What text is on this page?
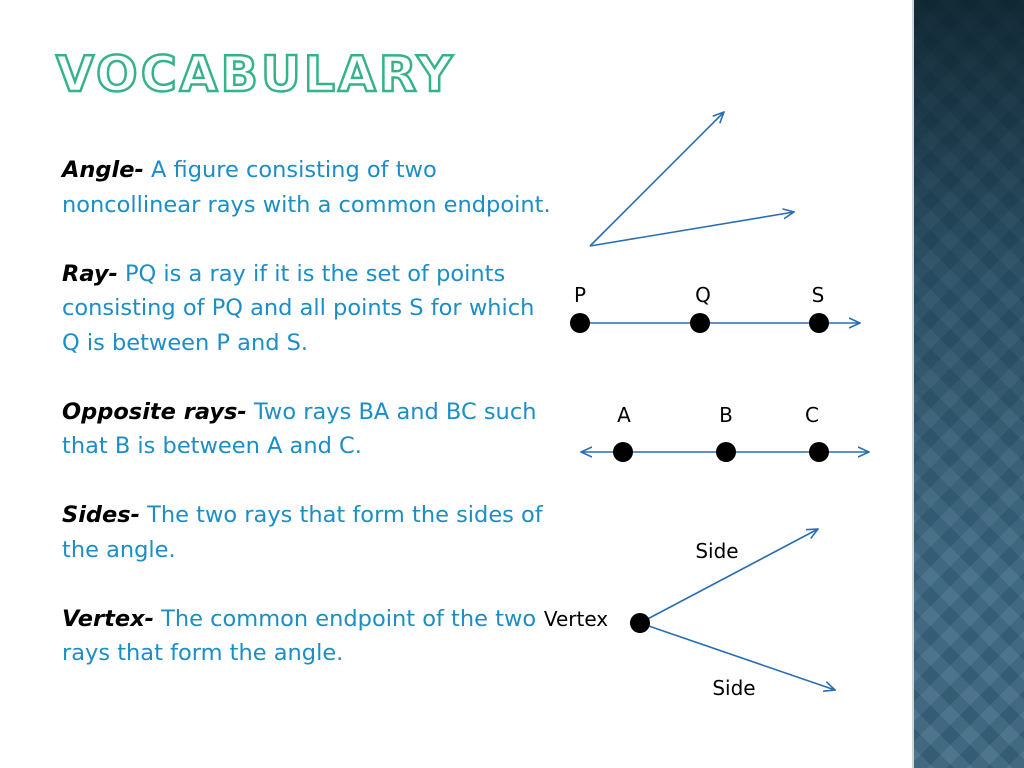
VOCABULARY

Angle- A figure consisting of two noncollinear rays with a common endpoint.

Ray- PQ is a ray if it is the set of points consisting of PQ and all points S for which Q is between P and S.

Opposite rays- Two rays BA and BC such that B is between A and C.

Sides- The two rays that form the sides of the angle.

Vertex- The common endpoint of the two rays that form the angle.

P	Q	S
A	B	C
Side
Vertex
Side
